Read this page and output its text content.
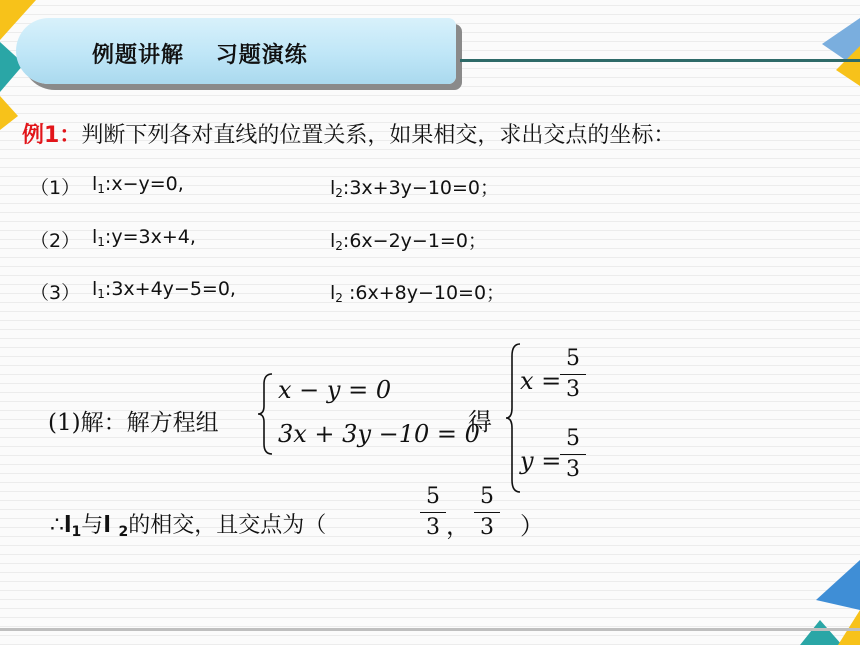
例题讲解　 习题演练
例1：判断下列各对直线的位置关系，如果相交，求出交点的坐标：
（1） $l_1:x-y=0$,	$l_2:3x+3y-10=0$；
（2） $l_1:y=3x+4$,	$l_2:6x-2y-1=0$；
（3） $l_1:3x+4y-5=0$,	$l_2$ :6x+8y−10=0；
(1)解：解方程组
x − y = 0
3x + 3y −10 = 0
得
x =
5
3
y =
5
3
$\therefore l_1$与l $_2$的相交，且交点为（
5
3 ，
5
3 ）
